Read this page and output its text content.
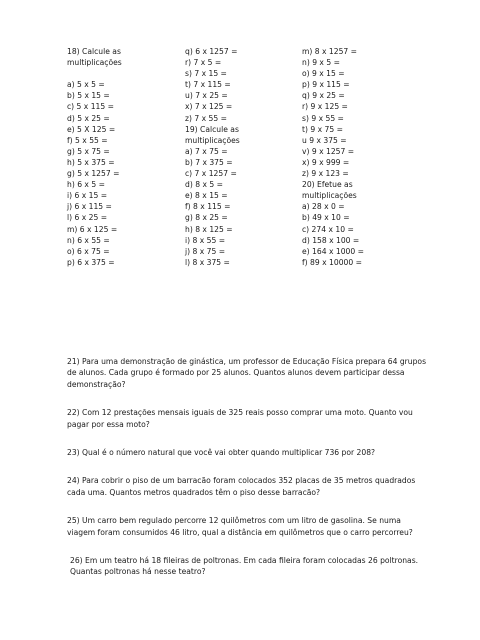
18) Calcule as
multiplicações
a) 5 x 5 =
b) 5 x 15 =
c) 5 x 115 =
d) 5 x 25 =
e) 5 X 125 =
f) 5 x 55 =
g) 5 x 75 =
h) 5 x 375 =
g) 5 x 1257 =
h) 6 x 5 =
i) 6 x 15 =
j) 6 x 115 =
l) 6 x 25 =
m) 6 x 125 =
n) 6 x 55 =
o) 6 x 75 =
p) 6 x 375 =
q) 6 x 1257 =
r) 7 x 5 =
s) 7 x 15 =
t) 7 x 115 =
u) 7 x 25 =
x) 7 x 125 =
z) 7 x 55 =
19) Calcule as
multiplicações
a) 7 x 75 =
b) 7 x 375 =
c) 7 x 1257 =
d) 8 x 5 =
e) 8 x 15 =
f) 8 x 115 =
g) 8 x 25 =
h) 8 x 125 =
i) 8 x 55 =
j) 8 x 75 =
l) 8 x 375 =
m) 8 x 1257 =
n) 9 x 5 =
o) 9 x 15 =
p) 9 x 115 =
q) 9 x 25 =
r) 9 x 125 =
s) 9 x 55 =
t) 9 x 75 =
u 9 x 375 =
v) 9 x 1257 =
x) 9 x 999 =
z) 9 x 123 =
20) Efetue as
multiplicações
a) 28 x 0 =
b) 49 x 10 =
c) 274 x 10 =
d) 158 x 100 =
e) 164 x 1000 =
f) 89 x 10000 =

21) Para uma demonstração de ginástica, um professor de Educação Física prepara 64 grupos de alunos. Cada grupo é formado por 25 alunos. Quantos alunos devem participar dessa demonstração?

22) Com 12 prestações mensais iguais de 325 reais posso comprar uma moto. Quanto vou pagar por essa moto?

23) Qual é o número natural que você vai obter quando multiplicar 736 por 208?

24) Para cobrir o piso de um barracão foram colocados 352 placas de 35 metros quadrados cada uma. Quantos metros quadrados têm o piso desse barracão?

25) Um carro bem regulado percorre 12 quilômetros com um litro de gasolina. Se numa viagem foram consumidos 46 litro, qual a distância em quilômetros que o carro percorreu?

26) Em um teatro há 18 fileiras de poltronas. Em cada fileira foram colocadas 26 poltronas. Quantas poltronas há nesse teatro?
